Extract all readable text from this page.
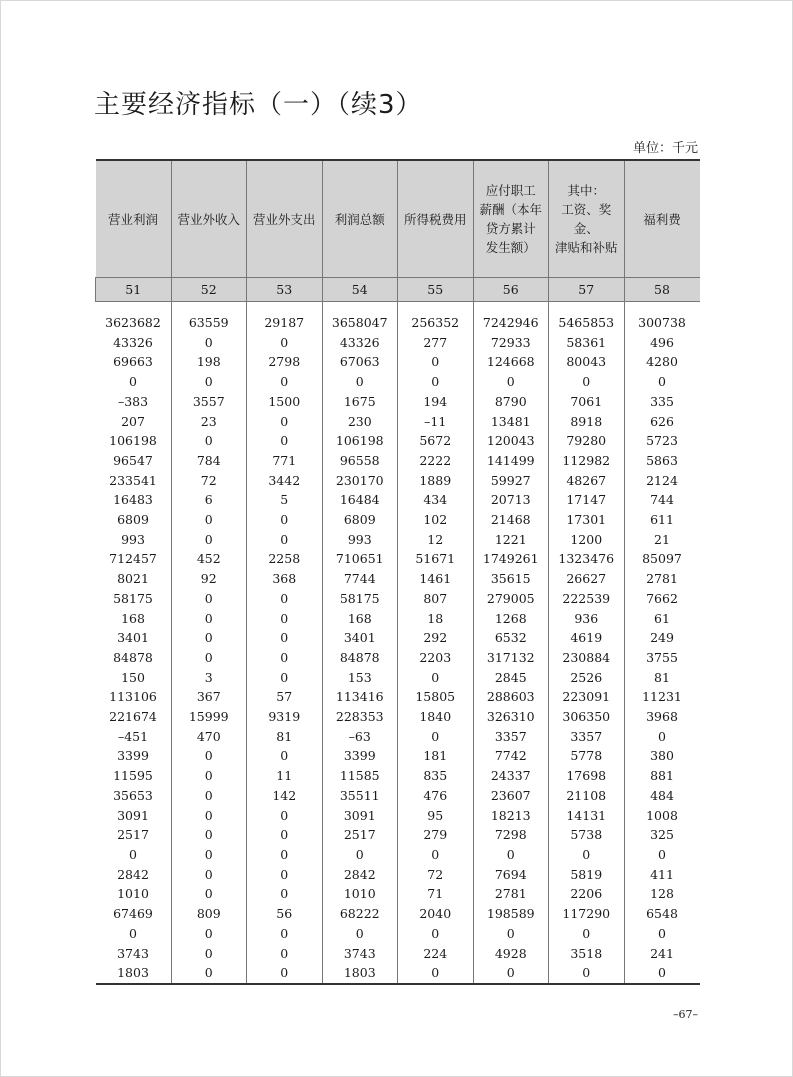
主要经济指标（一）（续3）
单位：千元
营业利润	营业外收入	营业外支出	利润总额	所得税费用	应付职工
薪酬（本年
贷方累计
发生额）	其中：
工资、奖金、
津贴和补贴	福利费
51	52	53	54	55	56	57	58

3623682	63559	29187	3658047	256352	7242946	5465853	300738
43326	0	0	43326	277	72933	58361	496
69663	198	2798	67063	0	124668	80043	4280
0	0	0	0	0	0	0	0
–383	3557	1500	1675	194	8790	7061	335
207	23	0	230	–11	13481	8918	626
106198	0	0	106198	5672	120043	79280	5723
96547	784	771	96558	2222	141499	112982	5863
233541	72	3442	230170	1889	59927	48267	2124
16483	6	5	16484	434	20713	17147	744
6809	0	0	6809	102	21468	17301	611
993	0	0	993	12	1221	1200	21
712457	452	2258	710651	51671	1749261	1323476	85097
8021	92	368	7744	1461	35615	26627	2781
58175	0	0	58175	807	279005	222539	7662
168	0	0	168	18	1268	936	61
3401	0	0	3401	292	6532	4619	249
84878	0	0	84878	2203	317132	230884	3755
150	3	0	153	0	2845	2526	81
113106	367	57	113416	15805	288603	223091	11231
221674	15999	9319	228353	1840	326310	306350	3968
–451	470	81	–63	0	3357	3357	0
3399	0	0	3399	181	7742	5778	380
11595	0	11	11585	835	24337	17698	881
35653	0	142	35511	476	23607	21108	484
3091	0	0	3091	95	18213	14131	1008
2517	0	0	2517	279	7298	5738	325
0	0	0	0	0	0	0	0
2842	0	0	2842	72	7694	5819	411
1010	0	0	1010	71	2781	2206	128
67469	809	56	68222	2040	198589	117290	6548
0	0	0	0	0	0	0	0
3743	0	0	3743	224	4928	3518	241
1803	0	0	1803	0	0	0	0
–67–
